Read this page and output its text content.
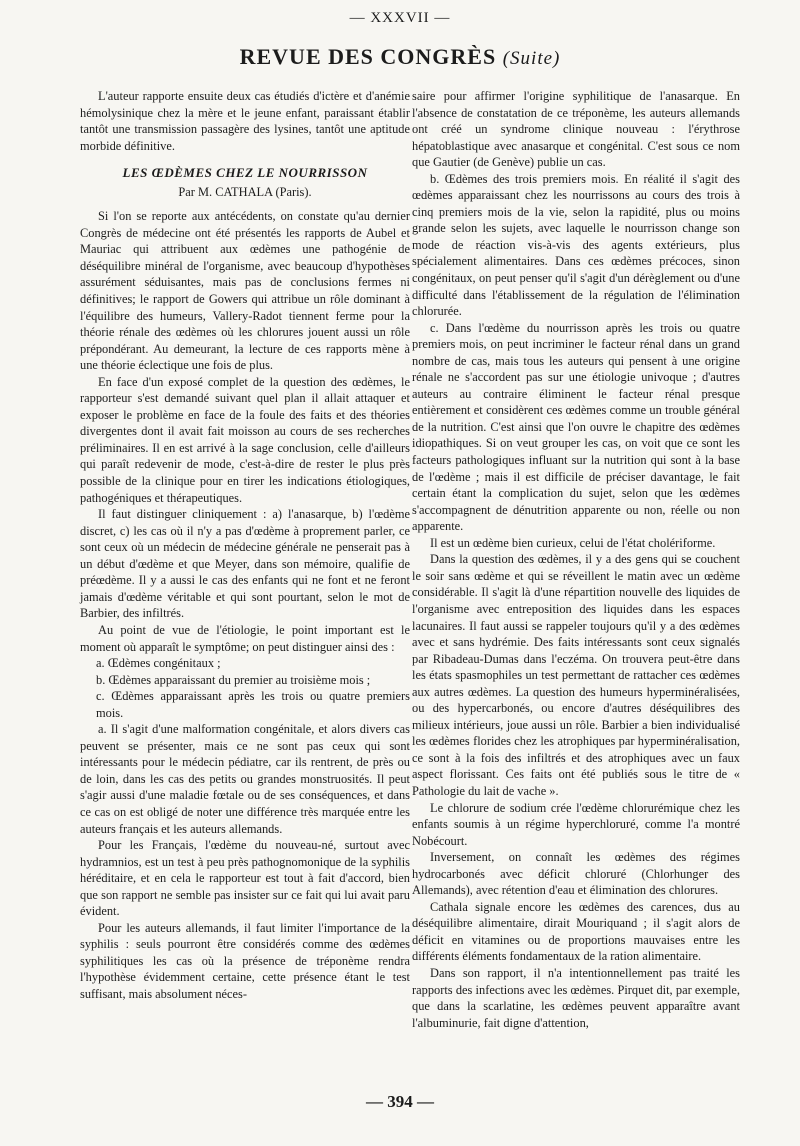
— XXXVII —
REVUE DES CONGRÈS (Suite)

L'auteur rapporte ensuite deux cas étudiés d'ictère et d'anémie hémolysinique chez la mère et le jeune enfant, paraissant établir tantôt une transmission passagère des lysines, tantôt une aptitude morbide définitive.

LES ŒDÈMES CHEZ LE NOURRISSON

Par M. CATHALA (Paris).

Si l'on se reporte aux antécédents, on constate qu'au dernier Congrès de médecine ont été présentés les rapports de Aubel et Mauriac qui attribuent aux œdèmes une pathogénie de déséquilibre minéral de l'organisme, avec beaucoup d'hypothèses assurément séduisantes, mais pas de conclusions fermes ni définitives; le rapport de Gowers qui attribue un rôle dominant à l'équilibre des humeurs, Vallery-Radot tiennent ferme pour la théorie rénale des œdèmes où les chlorures jouent aussi un rôle prépondérant. Au demeurant, la lecture de ces rapports mène à une théorie éclectique une fois de plus.

En face d'un exposé complet de la question des œdèmes, le rapporteur s'est demandé suivant quel plan il allait attaquer et exposer le problème en face de la foule des faits et des théories divergentes dont il avait fait moisson au cours de ses recherches préliminaires. Il en est arrivé à la sage conclusion, celle d'ailleurs qui paraît redevenir de mode, c'est-à-dire de rester le plus près possible de la clinique pour en tirer les indications étiologiques, pathogéniques et thérapeutiques.

Il faut distinguer cliniquement : a) l'anasarque, b) l'œdème discret, c) les cas où il n'y a pas d'œdème à proprement parler, ce sont ceux où un médecin de médecine générale ne penserait pas à un début d'œdème et que Meyer, dans son mémoire, qualifie de préœdème. Il y a aussi le cas des enfants qui ne font et ne feront jamais d'œdème véritable et qui sont pourtant, selon le mot de Barbier, des infiltrés.

Au point de vue de l'étiologie, le point important est le moment où apparaît le symptôme; on peut distinguer ainsi des :

a. Œdèmes congénitaux ;

b. Œdèmes apparaissant du premier au troisième mois ;

c. Œdèmes apparaissant après les trois ou quatre premiers mois.

a. Il s'agit d'une malformation congénitale, et alors divers cas peuvent se présenter, mais ce ne sont pas ceux qui sont intéressants pour le médecin pédiatre, car ils rentrent, de près ou de loin, dans les cas des petits ou grandes monstruosités. Il peut s'agir aussi d'une maladie fœtale ou de ses conséquences, et dans ce cas on est obligé de noter une différence très marquée entre les auteurs français et les auteurs allemands.

Pour les Français, l'œdème du nouveau-né, surtout avec hydramnios, est un test à peu près pathognomonique de la syphilis héréditaire, et en cela le rapporteur est tout à fait d'accord, bien que son rapport ne semble pas insister sur ce fait qui lui avait paru évident.

Pour les auteurs allemands, il faut limiter l'importance de la syphilis : seuls pourront être considérés comme des œdèmes syphilitiques les cas où la présence de tréponème rendra l'hypothèse évidemment certaine, cette présence étant le test suffisant, mais absolument néces-

saire pour affirmer l'origine syphilitique de l'anasarque. En l'absence de constatation de ce tréponème, les auteurs allemands ont créé un syndrome clinique nouveau : l'érythrose hépatoblastique avec anasarque et congénital. C'est sous ce nom que Gautier (de Genève) publie un cas.

b. Œdèmes des trois premiers mois. En réalité il s'agit des œdèmes apparaissant chez les nourrissons au cours des trois à cinq premiers mois de la vie, selon la rapidité, plus ou moins grande selon les sujets, avec laquelle le nourrisson change son mode de réaction vis-à-vis des agents extérieurs, plus spécialement alimentaires. Dans ces œdèmes précoces, sinon congénitaux, on peut penser qu'il s'agit d'un dérèglement ou d'une difficulté dans l'établissement de la régulation de l'élimination chlorurée.

c. Dans l'œdème du nourrisson après les trois ou quatre premiers mois, on peut incriminer le facteur rénal dans un grand nombre de cas, mais tous les auteurs qui pensent à une origine rénale ne s'accordent pas sur une étiologie univoque ; d'autres auteurs au contraire éliminent le facteur rénal presque entièrement et considèrent ces œdèmes comme un trouble général de la nutrition. C'est ainsi que l'on ouvre le chapitre des œdèmes idiopathiques. Si on veut grouper les cas, on voit que ce sont les facteurs pathologiques influant sur la nutrition qui sont à la base de l'œdème ; mais il est difficile de préciser davantage, le fait certain étant la complication du sujet, selon que les œdèmes s'accompagnent de dénutrition apparente ou non, réelle ou non apparente.

Il est un œdème bien curieux, celui de l'état cholériforme.

Dans la question des œdèmes, il y a des gens qui se couchent le soir sans œdème et qui se réveillent le matin avec un œdème considérable. Il s'agit là d'une répartition nouvelle des liquides de l'organisme avec entreposition des liquides dans les espaces lacunaires. Il faut aussi se rappeler toujours qu'il y a des œdèmes avec et sans hydrémie. Des faits intéressants sont ceux signalés par Ribadeau-Dumas dans l'eczéma. On trouvera peut-être dans les états spasmophiles un test permettant de rattacher ces œdèmes aux autres œdèmes. La question des humeurs hyperminéralisées, ou des hypercarbonés, ou encore d'autres déséquilibres des milieux intérieurs, joue aussi un rôle. Barbier a bien individualisé les œdèmes florides chez les atrophiques par hyperminéralisation, ce sont à la fois des infiltrés et des atrophiques avec un faux aspect florissant. Ces faits ont été publiés sous le titre de « Pathologie du lait de vache ».

Le chlorure de sodium crée l'œdème chlorurémique chez les enfants soumis à un régime hyperchloruré, comme l'a montré Nobécourt.

Inversement, on connaît les œdèmes des régimes hydrocarbonés avec déficit chloruré (Chlorhunger des Allemands), avec rétention d'eau et élimination des chlorures.

Cathala signale encore les œdèmes des carences, dus au déséquilibre alimentaire, dirait Mouriquand ; il s'agit alors de déficit en vitamines ou de proportions mauvaises entre les différents éléments fondamentaux de la ration alimentaire.

Dans son rapport, il n'a intentionnellement pas traité les rapports des infections avec les œdèmes. Pirquet dit, par exemple, que dans la scarlatine, les œdèmes peuvent apparaître avant l'albuminurie, fait digne d'attention,

— 394 —
